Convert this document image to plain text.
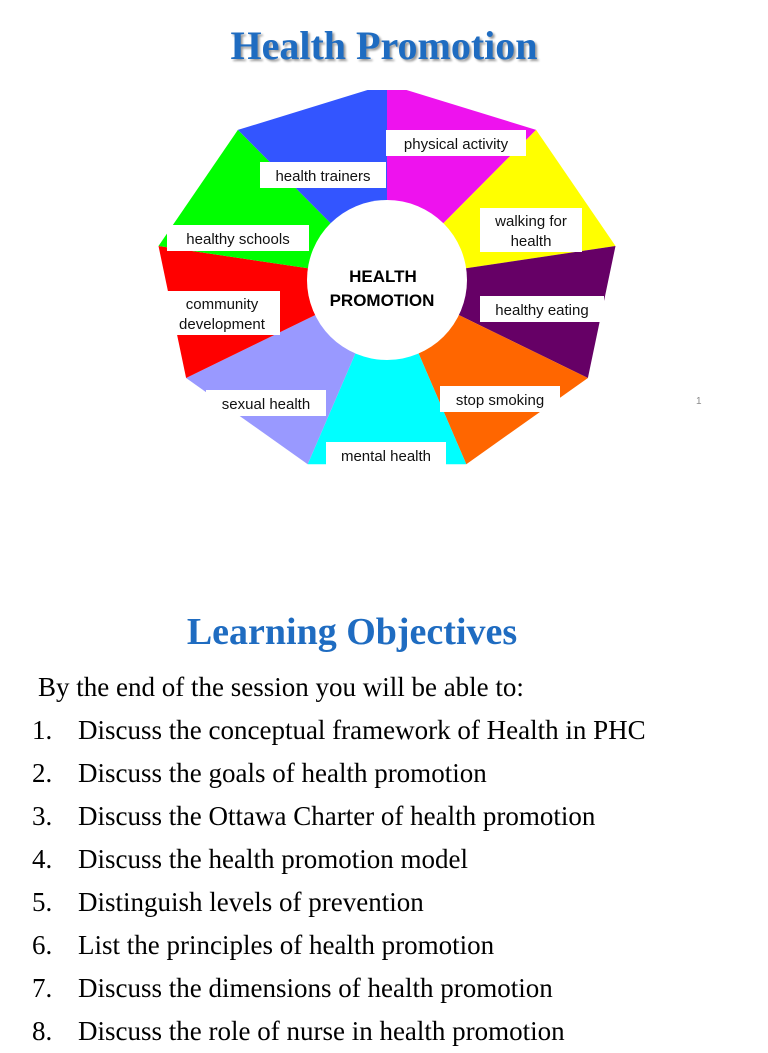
Health Promotion
physical activity
walking for
health
healthy eating
stop smoking
mental health
sexual health
community
development
healthy schools
health trainers
HEALTH
PROMOTION
1
Learning Objectives
By the end of the session you will be able to:
1. Discuss the conceptual framework of Health in PHC
2. Discuss the goals of health promotion
3. Discuss the Ottawa Charter of health promotion
4. Discuss the health promotion model
5. Distinguish levels of prevention
6. List the principles of health promotion
7. Discuss the dimensions of health promotion
8. Discuss the role of nurse in health promotion
